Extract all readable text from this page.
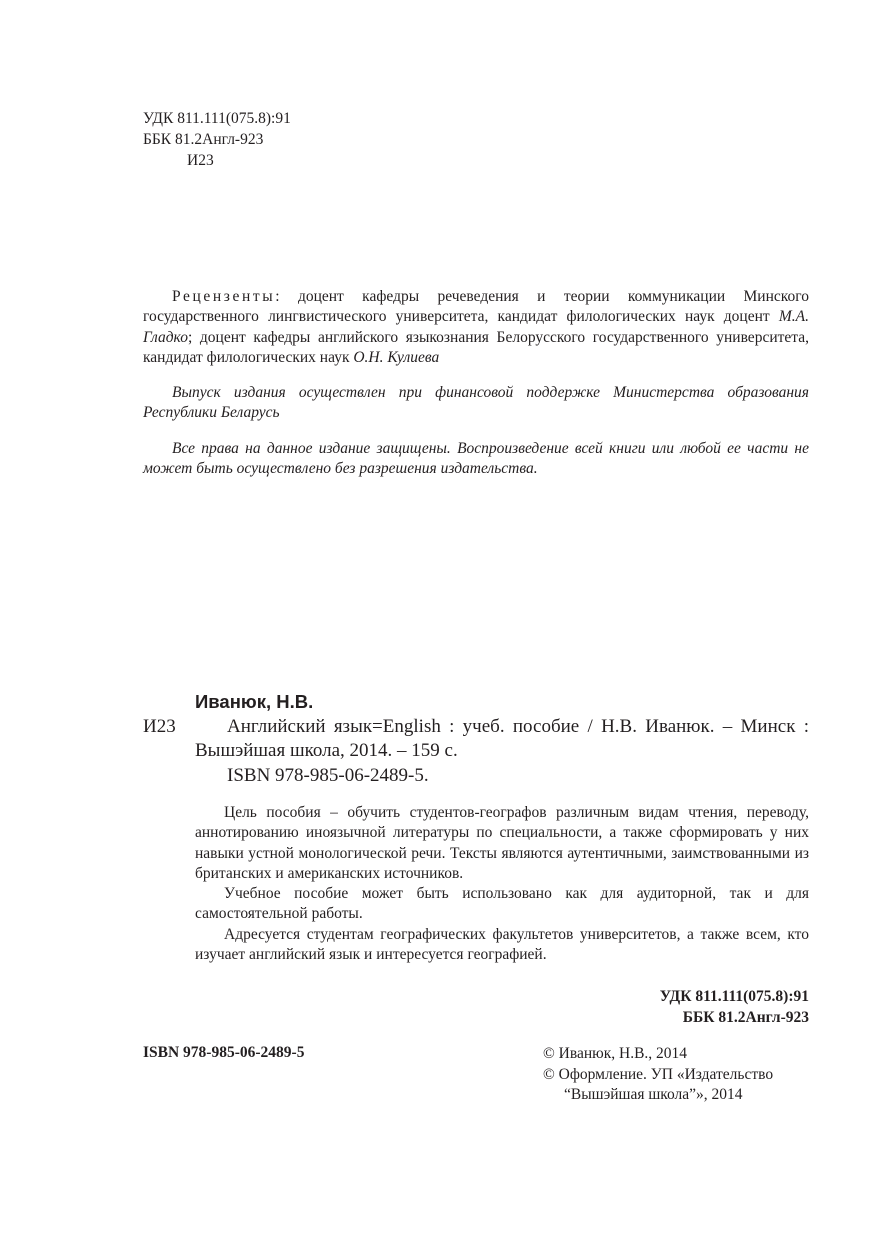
УДК 811.111(075.8):91
ББК 81.2Англ-923
И23

Рецензенты: доцент кафедры речеведения и теории коммуникации Минского государственного лингвистического университета, кандидат филологических наук доцент М.А. Гладко; доцент кафедры английского языкознания Белорусского государственного университета, кандидат филологических наук О.Н. Кулиева

Выпуск издания осуществлен при финансовой поддержке Министерства образования Республики Беларусь

Все права на данное издание защищены. Воспроизведение всей книги или любой ее части не может быть осуществлено без разрешения издательства.

Иванюк, Н.В.
И23	Английский язык=English : учеб. пособие / Н.В. Иванюк. – Минск : Вышэйшая школа, 2014. – 159 с.

ISBN 978-985-06-2489-5.

Цель пособия – обучить студентов-географов различным видам чтения, переводу, аннотированию иноязычной литературы по специальности, а также сформировать у них навыки устной монологической речи. Тексты являются аутентичными, заимствованными из британских и американских источников.

Учебное пособие может быть использовано как для аудиторной, так и для самостоятельной работы.

Адресуется студентам географических факультетов университетов, а также всем, кто изучает английский язык и интересуется географией.

УДК 811.111(075.8):91
ББК 81.2Англ-923
ISBN 978-985-06-2489-5	© Иванюк, Н.В., 2014
© Оформление. УП «Издательство
“Вышэйшая школа”», 2014
